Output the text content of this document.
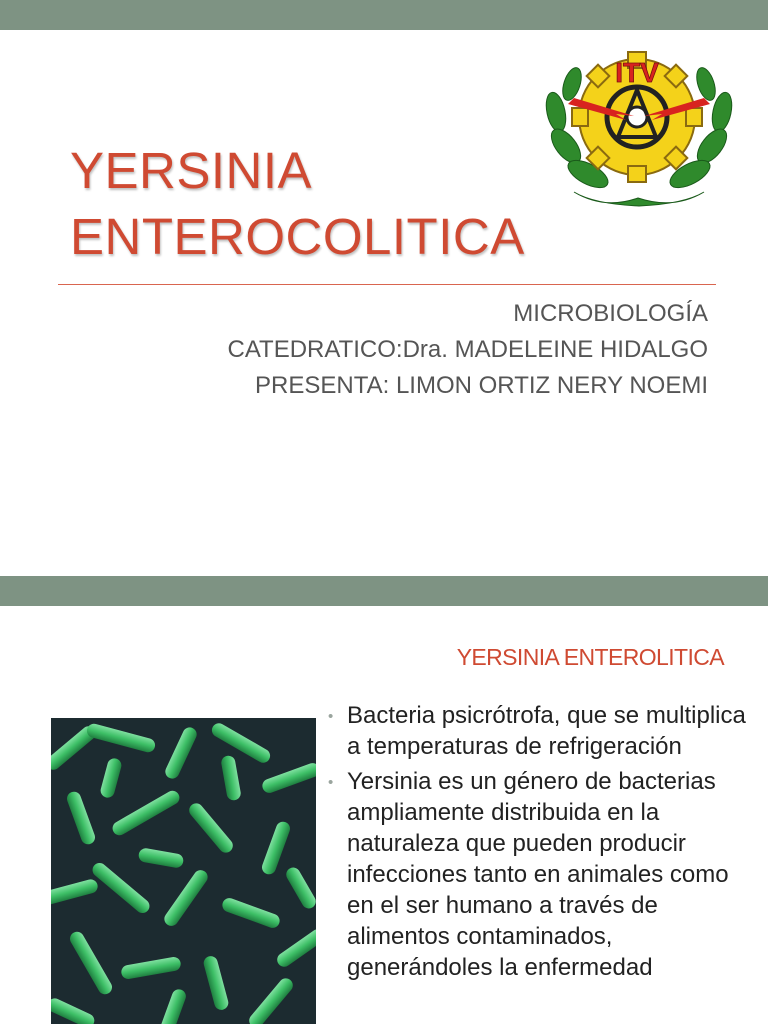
YERSINIA
ENTEROCOLITICA
MICROBIOLOGÍA
CATEDRATICO:Dra. MADELEINE HIDALGO
PRESENTA: LIMON ORTIZ NERY NOEMI
ITV
YERSINIA ENTEROLITICA
• Bacteria psicrótrofa, que se multiplica a temperaturas de refrigeración
• Yersinia es un género de bacterias ampliamente distribuida en la naturaleza que pueden producir infecciones tanto en animales como en el ser humano a través de alimentos contaminados, generándoles la enfermedad
